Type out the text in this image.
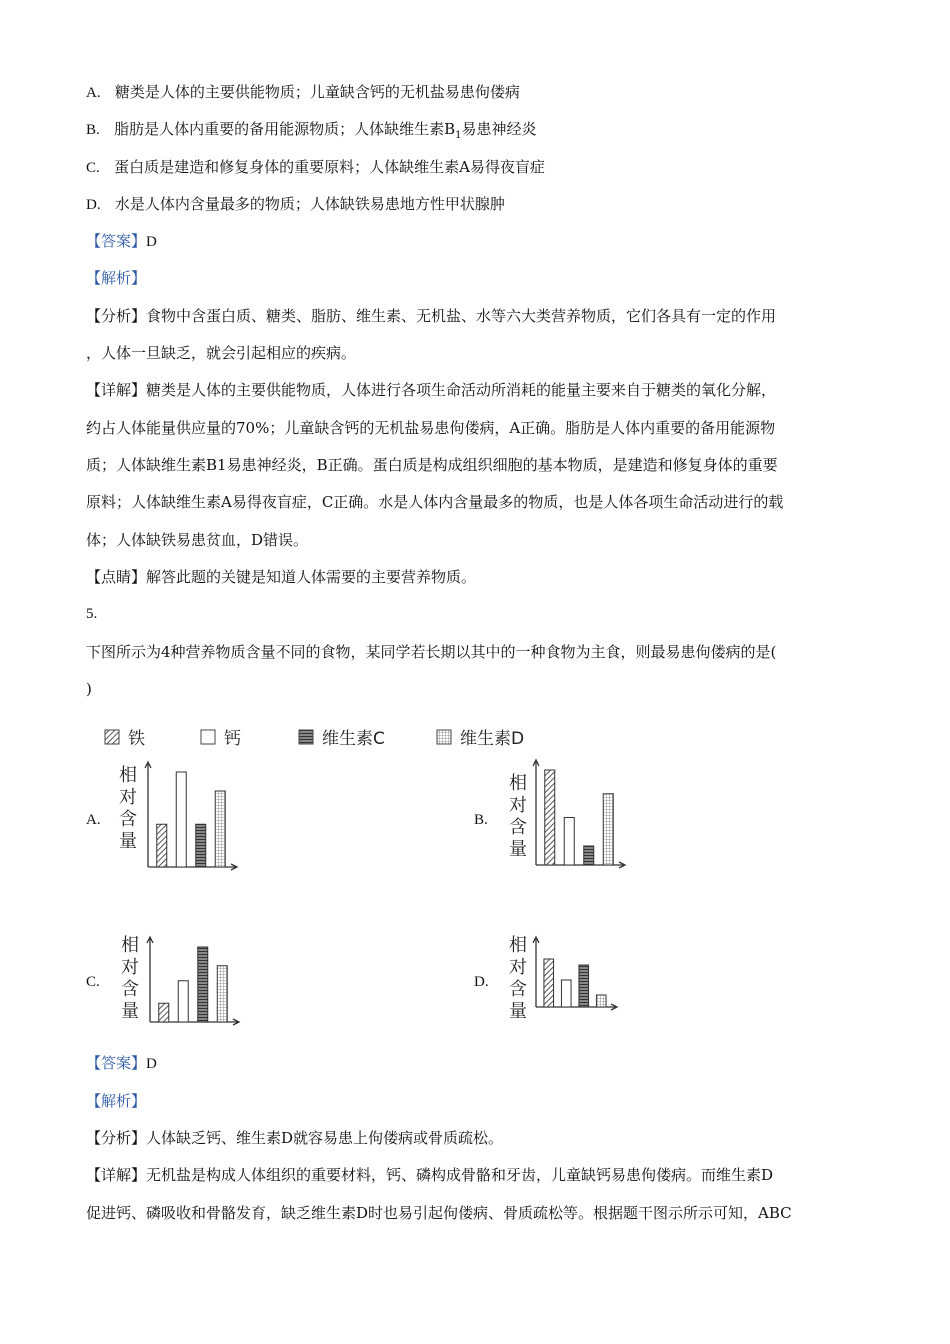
A. 糖类是人体的主要供能物质；儿童缺含钙的无机盐易患佝偻病
B. 脂肪是人体内重要的备用能源物质；人体缺维生素$B_1$易患神经炎
C. 蛋白质是建造和修复身体的重要原料；人体缺维生素A易得夜盲症
D. 水是人体内含量最多的物质；人体缺铁易患地方性甲状腺肿
【答案】D
【解析】
【分析】食物中含蛋白质、糖类、脂肪、维生素、无机盐、水等六大类营养物质，它们各具有一定的作用
，人体一旦缺乏，就会引起相应的疾病。
【详解】糖类是人体的主要供能物质，人体进行各项生命活动所消耗的能量主要来自于糖类的氧化分解，
约占人体能量供应量的70%；儿童缺含钙的无机盐易患佝偻病，A正确。脂肪是人体内重要的备用能源物
质；人体缺维生素B1易患神经炎，B正确。蛋白质是构成组织细胞的基本物质，是建造和修复身体的重要
原料；人体缺维生素A易得夜盲症，C正确。水是人体内含量最多的物质，也是人体各项生命活动进行的载
体；人体缺铁易患贫血，D错误。
【点睛】解答此题的关键是知道人体需要的主要营养物质。
5.
下图所示为4种营养物质含量不同的食物，某同学若长期以其中的一种食物为主食，则最易患佝偻病的是(
)
铁	钙	维生素C	维生素D
A.
相
对
含
量
B.
相
对
含
量
C.
相
对
含
量
D.
相
对
含
量
【答案】D
【解析】
【分析】人体缺乏钙、维生素D就容易患上佝偻病或骨质疏松。
【详解】无机盐是构成人体组织的重要材料，钙、磷构成骨骼和牙齿，儿童缺钙易患佝偻病。而维生素D
促进钙、磷吸收和骨骼发育，缺乏维生素D时也易引起佝偻病、骨质疏松等。根据题干图示所示可知，ABC
